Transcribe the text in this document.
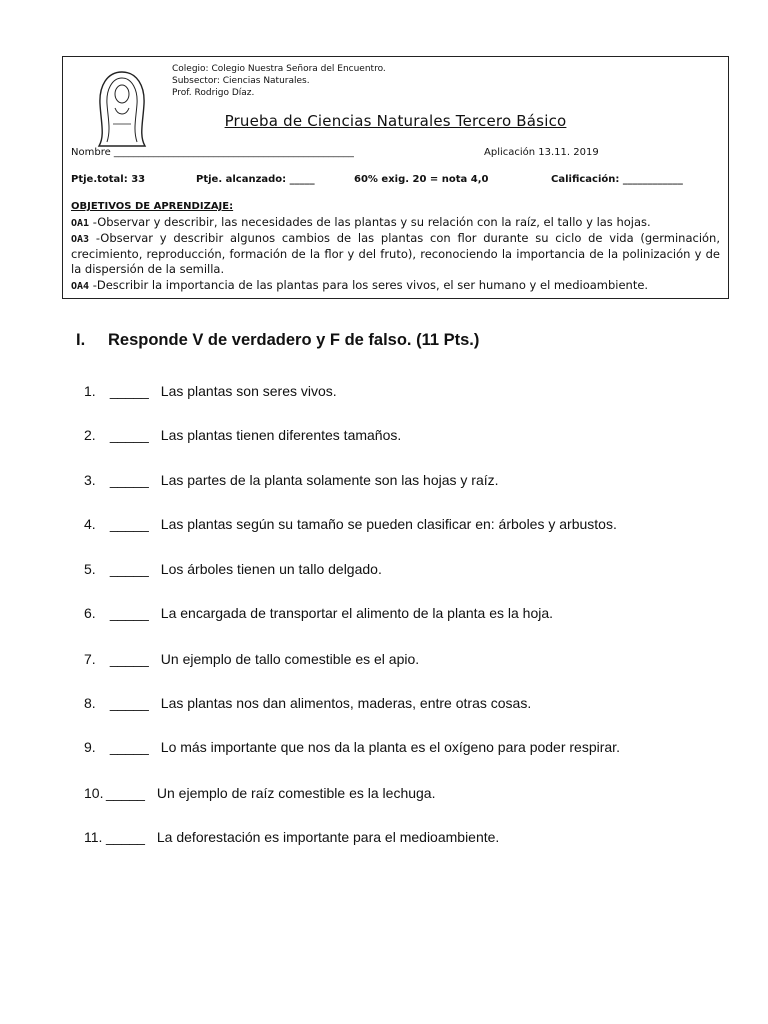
Colegio: Colegio Nuestra Señora del Encuentro.
Subsector: Ciencias Naturales.
Prof. Rodrigo Díaz.
Prueba de Ciencias Naturales Tercero Básico
Nombre ________________________________________________	Aplicación 13.11. 2019
Ptje.total: 33	Ptje. alcanzado: _____	60% exig. 20 = nota 4,0	Calificación: ____________
OBJETIVOS DE APRENDIZAJE:
OA1 -Observar y describir, las necesidades de las plantas y su relación con la raíz, el tallo y las hojas.
OA3 -Observar y describir algunos cambios de las plantas con flor durante su ciclo de vida (germinación, crecimiento, reproducción, formación de la flor y del fruto), reconociendo la importancia de la polinización y de la dispersión de la semilla.
OA4 -Describir la importancia de las plantas para los seres vivos, el ser humano y el medioambiente.
I. Responde V de verdadero y F de falso. (11 Pts.)
1. _____ Las plantas son seres vivos.
2. _____ Las plantas tienen diferentes tamaños.
3. _____ Las partes de la planta solamente son las hojas y raíz.
4. _____ Las plantas según su tamaño se pueden clasificar en: árboles y arbustos.
5. _____ Los árboles tienen un tallo delgado.
6. _____ La encargada de transportar el alimento de la planta es la hoja.
7. _____ Un ejemplo de tallo comestible es el apio.
8. _____ Las plantas nos dan alimentos, maderas, entre otras cosas.
9. _____ Lo más importante que nos da la planta es el oxígeno para poder respirar.
10. _____ Un ejemplo de raíz comestible es la lechuga.
11. _____ La deforestación es importante para el medioambiente.
